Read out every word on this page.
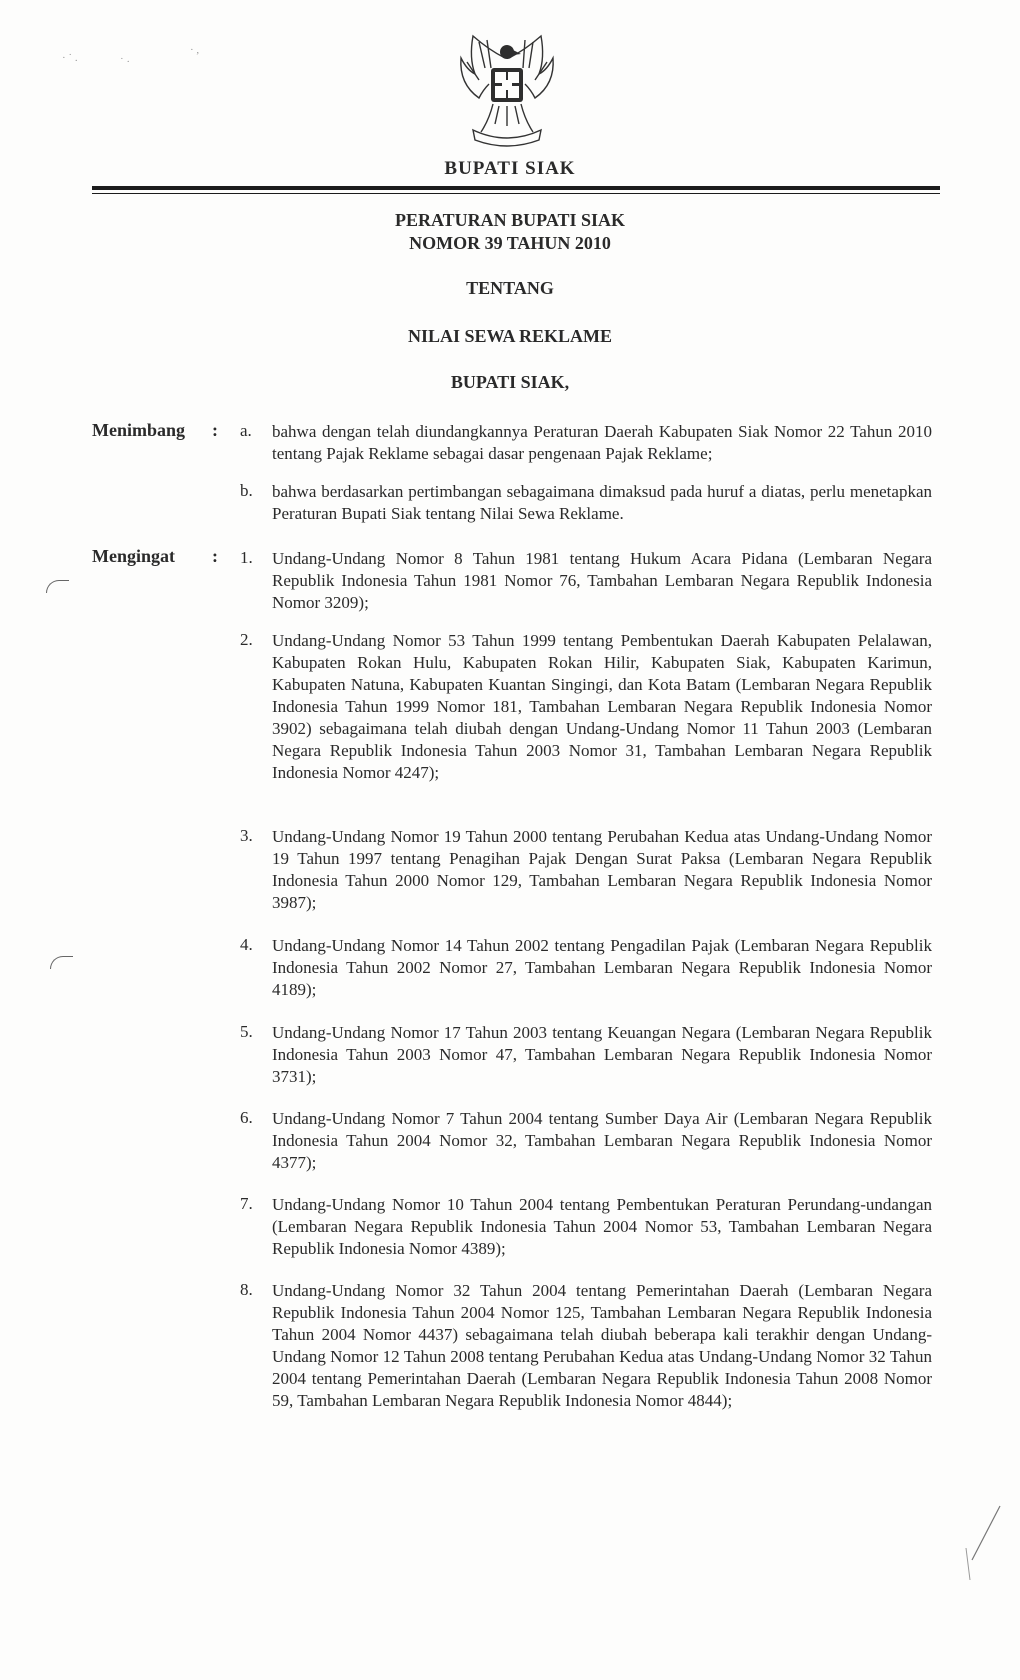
· ˙ .	˙ ·
· ,
BUPATI SIAK
PERATURAN BUPATI SIAK
NOMOR 39 TAHUN 2010
TENTANG
NILAI SEWA REKLAME
BUPATI SIAK,
Menimbang : a. bahwa dengan telah diundangkannya Peraturan Daerah Kabupaten Siak Nomor 22 Tahun 2010 tentang Pajak Reklame sebagai dasar pengenaan Pajak Reklame;
b. bahwa berdasarkan pertimbangan sebagaimana dimaksud pada huruf a diatas, perlu menetapkan Peraturan Bupati Siak tentang Nilai Sewa Reklame.
Mengingat : 1. Undang-Undang Nomor 8 Tahun 1981 tentang Hukum Acara Pidana (Lembaran Negara Republik Indonesia Tahun 1981 Nomor 76, Tambahan Lembaran Negara Republik Indonesia Nomor 3209);
2. Undang-Undang Nomor 53 Tahun 1999 tentang Pembentukan Daerah Kabupaten Pelalawan, Kabupaten Rokan Hulu, Kabupaten Rokan Hilir, Kabupaten Siak, Kabupaten Karimun, Kabupaten Natuna, Kabupaten Kuantan Singingi, dan Kota Batam (Lembaran Negara Republik Indonesia Tahun 1999 Nomor 181, Tambahan Lembaran Negara Republik Indonesia Nomor 3902) sebagaimana telah diubah dengan Undang-Undang Nomor 11 Tahun 2003 (Lembaran Negara Republik Indonesia Tahun 2003 Nomor 31, Tambahan Lembaran Negara Republik Indonesia Nomor 4247);
3. Undang-Undang Nomor 19 Tahun 2000 tentang Perubahan Kedua atas Undang-Undang Nomor 19 Tahun 1997 tentang Penagihan Pajak Dengan Surat Paksa (Lembaran Negara Republik Indonesia Tahun 2000 Nomor 129, Tambahan Lembaran Negara Republik Indonesia Nomor 3987);
4. Undang-Undang Nomor 14 Tahun 2002 tentang Pengadilan Pajak (Lembaran Negara Republik Indonesia Tahun 2002 Nomor 27, Tambahan Lembaran Negara Republik Indonesia Nomor 4189);
5. Undang-Undang Nomor 17 Tahun 2003 tentang Keuangan Negara (Lembaran Negara Republik Indonesia Tahun 2003 Nomor 47, Tambahan Lembaran Negara Republik Indonesia Nomor 3731);
6. Undang-Undang Nomor 7 Tahun 2004 tentang Sumber Daya Air (Lembaran Negara Republik Indonesia Tahun 2004 Nomor 32, Tambahan Lembaran Negara Republik Indonesia Nomor 4377);
7. Undang-Undang Nomor 10 Tahun 2004 tentang Pembentukan Peraturan Perundang-undangan (Lembaran Negara Republik Indonesia Tahun 2004 Nomor 53, Tambahan Lembaran Negara Republik Indonesia Nomor 4389);
8. Undang-Undang Nomor 32 Tahun 2004 tentang Pemerintahan Daerah (Lembaran Negara Republik Indonesia Tahun 2004 Nomor 125, Tambahan Lembaran Negara Republik Indonesia Tahun 2004 Nomor 4437) sebagaimana telah diubah beberapa kali terakhir dengan Undang-Undang Nomor 12 Tahun 2008 tentang Perubahan Kedua atas Undang-Undang Nomor 32 Tahun 2004 tentang Pemerintahan Daerah (Lembaran Negara Republik Indonesia Tahun 2008 Nomor 59, Tambahan Lembaran Negara Republik Indonesia Nomor 4844);
